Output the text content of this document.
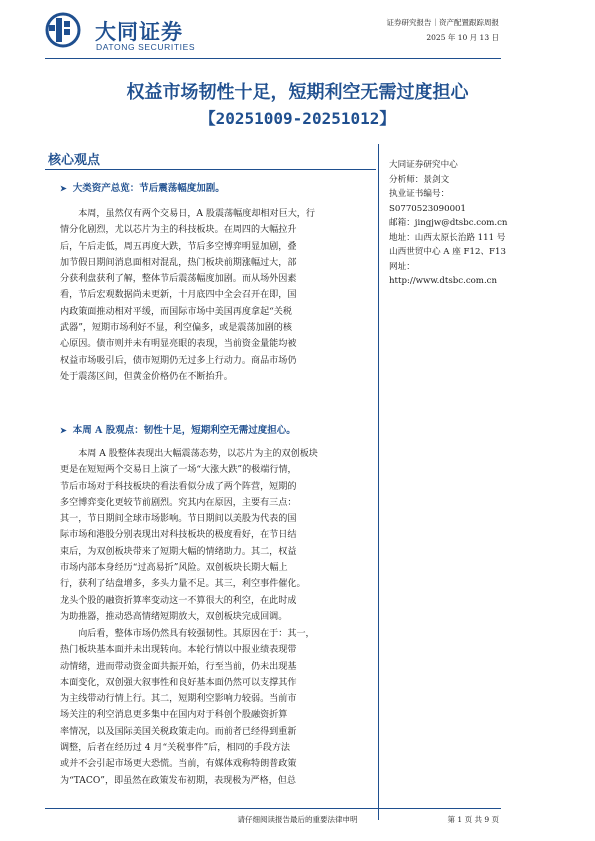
大同证券
DATONG SECURITIES
证券研究报告｜资产配置跟踪周报
2025 年 10 月 13 日
权益市场韧性十足，短期利空无需过度担心
【20251009-20251012】
核心观点	大同证券研究中心
分析师：景剑文
执业证书编号：
S0770523090001
邮箱：jingjw@dtsbc.com.cn
地址：山西太原长治路 111 号
山西世贸中心 A 座 F12、F13
网址：
http://www.dtsbc.com.cn
➤ 大类资产总览：节后震荡幅度加剧。
本周，虽然仅有两个交易日，A 股震荡幅度却相对巨大，行
情分化剧烈，尤以芯片为主的科技板块。在周四的大幅拉升
后，午后走低，周五再度大跌，节后多空博弈明显加剧，叠
加节假日期间消息面相对混乱，热门板块前期涨幅过大，部
分获利盘获利了解，整体节后震荡幅度加剧。而从场外因素
看，节后宏观数据尚未更新，十月底四中全会召开在即，国
内政策面推动相对平缓，而国际市场中美国再度拿起“关税
武器”，短期市场利好不显，利空偏多，或是震荡加剧的核
心原因。债市则并未有明显亮眼的表现，当前资金量能均被
权益市场吸引后，债市短期仍无过多上行动力。商品市场仍
处于震荡区间，但黄金价格仍在不断抬升。
➤ 本周 A 股观点：韧性十足，短期利空无需过度担心。
本周 A 股整体表现出大幅震荡态势，以芯片为主的双创板块
更是在短短两个交易日上演了一场“大涨大跌”的极端行情，
节后市场对于科技板块的看法看似分成了两个阵营，短期的
多空博弈变化更较节前剧烈。究其内在原因，主要有三点：
其一，节日期间全球市场影响。节日期间以美股为代表的国
际市场和港股分别表现出对科技板块的极度看好，在节日结
束后，为双创板块带来了短期大幅的情绪助力。其二，权益
市场内部本身经历“过高易折”风险。双创板块长期大幅上
行，获利了结盘增多，多头力量不足。其三，利空事件催化。
龙头个股的融资折算率变动这一不算很大的利空，在此时成
为助推器，推动恐高情绪短期放大，双创板块完成回调。
向后看，整体市场仍然具有较强韧性。其原因在于：其一，
热门板块基本面并未出现转向。本轮行情以中报业绩表现带
动情绪，进而带动资金面共振开始，行至当前，仍未出现基
本面变化，双创强大叙事性和良好基本面仍然可以支撑其作
为主线带动行情上行。其二，短期利空影响力较弱。当前市
场关注的利空消息更多集中在国内对于科创个股融资折算
率情况，以及国际美国关税政策走向。而前者已经得到重新
调整，后者在经历过 4 月“关税事件”后，相同的手段方法
或并不会引起市场更大恐慌。当前，有媒体戏称特朗普政策
为“TACO”，即虽然在政策发布初期，表现极为严格，但总
请仔细阅读报告最后的重要法律申明	第 1 页 共 9 页
